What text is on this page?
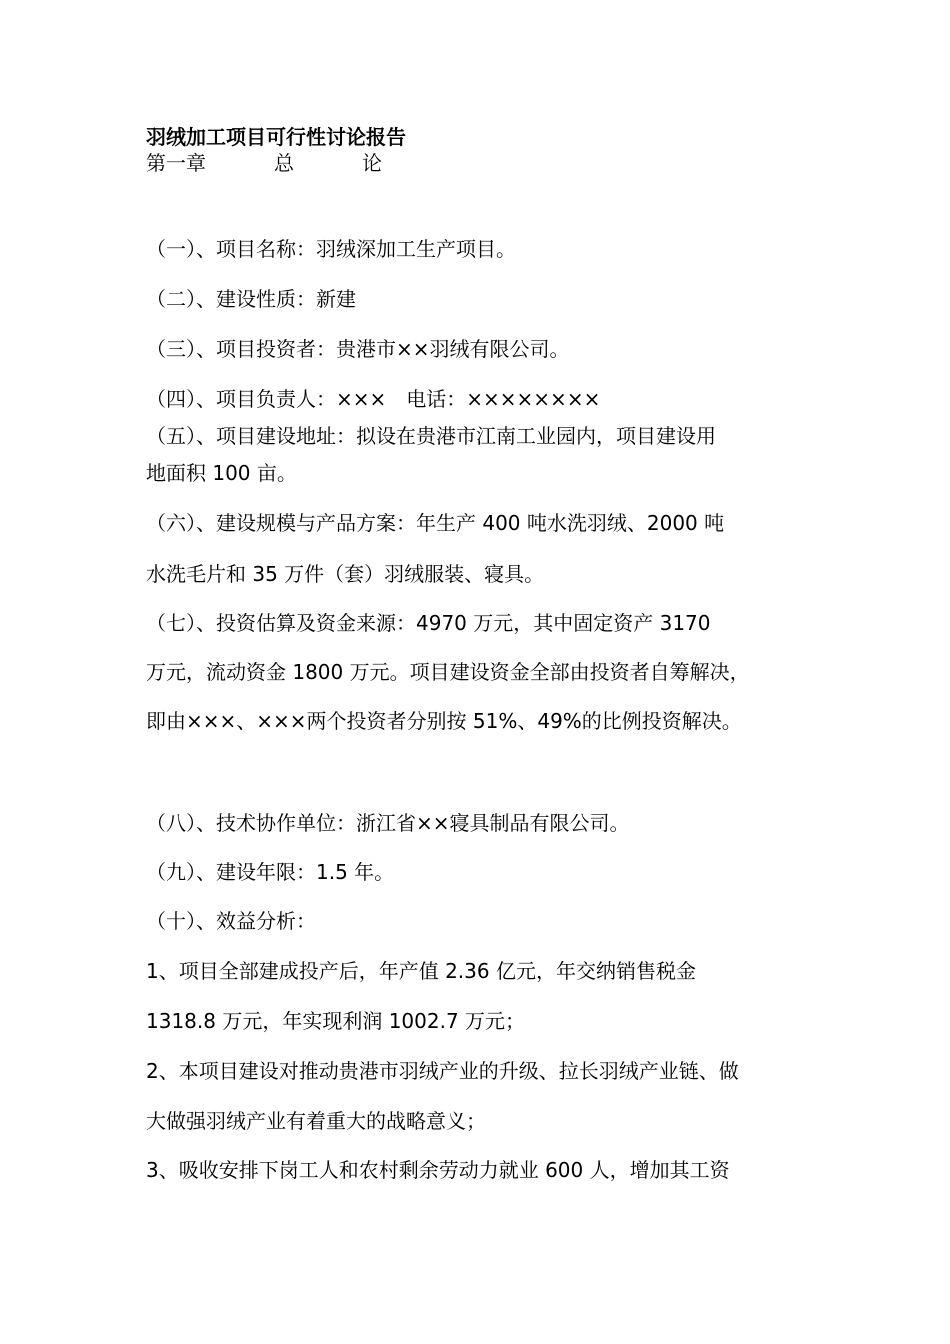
羽绒加工项目可行性讨论报告

第一章	总	论

（一）、项目名称：羽绒深加工生产项目。

（二）、建设性质：新建

（三）、项目投资者：贵港市××羽绒有限公司。

（四）、项目负责人：×××　电话：××××××××

（五）、项目建设地址：拟设在贵港市江南工业园内，项目建设用

地面积 100 亩。

（六）、建设规模与产品方案：年生产 400 吨水洗羽绒、2000 吨

水洗毛片和 35 万件（套）羽绒服装、寝具。

（七）、投资估算及资金来源：4970 万元，其中固定资产 3170

万元，流动资金 1800 万元。项目建设资金全部由投资者自筹解决，

即由×××、×××两个投资者分别按 51%、49%的比例投资解决。

（八）、技术协作单位：浙江省××寝具制品有限公司。

（九）、建设年限：1.5 年。

（十）、效益分析：

1、项目全部建成投产后，年产值 2.36 亿元，年交纳销售税金

1318.8 万元，年实现利润 1002.7 万元；

2、本项目建设对推动贵港市羽绒产业的升级、拉长羽绒产业链、做

大做强羽绒产业有着重大的战略意义；

3、吸收安排下岗工人和农村剩余劳动力就业 600 人，增加其工资
